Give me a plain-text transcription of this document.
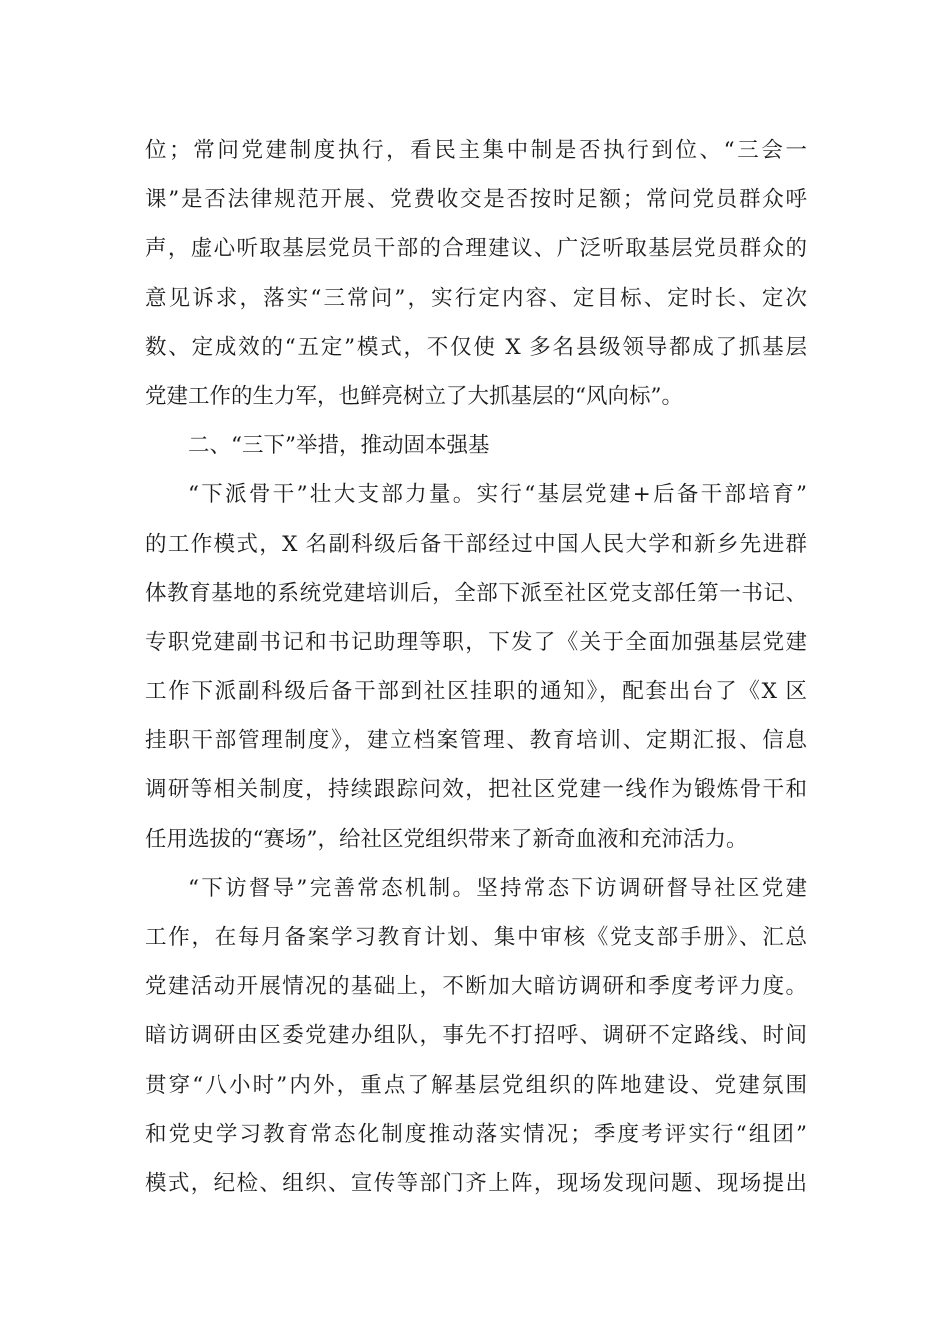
位；常问党建制度执行，看民主集中制是否执行到位、“三会一
课”是否法律规范开展、党费收交是否按时足额；常问党员群众呼
声，虚心听取基层党员干部的合理建议、广泛听取基层党员群众的
意见诉求，落实“三常问”，实行定内容、定目标、定时长、定次
数、定成效的“五定”模式，不仅使 X 多名县级领导都成了抓基层
党建工作的生力军，也鲜亮树立了大抓基层的“风向标”。
二、“三下”举措，推动固本强基
“下派骨干”壮大支部力量。实行“基层党建+后备干部培育”
的工作模式，X 名副科级后备干部经过中国人民大学和新乡先进群
体教育基地的系统党建培训后，全部下派至社区党支部任第一书记、
专职党建副书记和书记助理等职，下发了《关于全面加强基层党建
工作下派副科级后备干部到社区挂职的通知》，配套出台了《X 区
挂职干部管理制度》，建立档案管理、教育培训、定期汇报、信息
调研等相关制度，持续跟踪问效，把社区党建一线作为锻炼骨干和
任用选拔的“赛场”，给社区党组织带来了新奇血液和充沛活力。
“下访督导”完善常态机制。坚持常态下访调研督导社区党建
工作，在每月备案学习教育计划、集中审核《党支部手册》、汇总
党建活动开展情况的基础上，不断加大暗访调研和季度考评力度。
暗访调研由区委党建办组队，事先不打招呼、调研不定路线、时间
贯穿“八小时”内外，重点了解基层党组织的阵地建设、党建氛围
和党史学习教育常态化制度推动落实情况；季度考评实行“组团”
模式，纪检、组织、宣传等部门齐上阵，现场发现问题、现场提出
